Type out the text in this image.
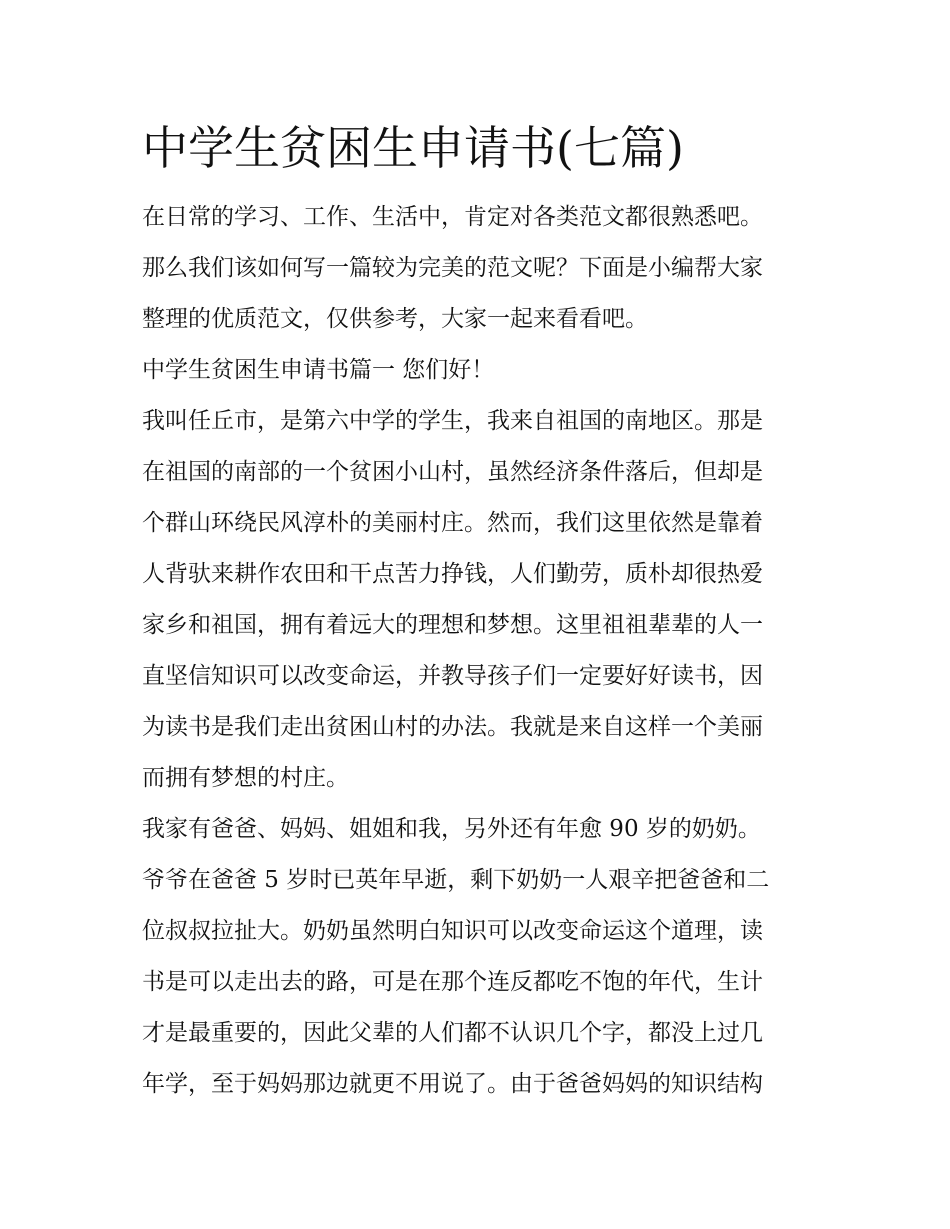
中学生贫困生申请书(七篇)
在日常的学习、工作、生活中，肯定对各类范文都很熟悉吧。
那么我们该如何写一篇较为完美的范文呢？下面是小编帮大家
整理的优质范文，仅供参考，大家一起来看看吧。
中学生贫困生申请书篇一 您们好！
我叫任丘市，是第六中学的学生，我来自祖国的南地区。那是
在祖国的南部的一个贫困小山村，虽然经济条件落后，但却是
个群山环绕民风淳朴的美丽村庄。然而，我们这里依然是靠着
人背驮来耕作农田和干点苦力挣钱，人们勤劳，质朴却很热爱
家乡和祖国，拥有着远大的理想和梦想。这里祖祖辈辈的人一
直坚信知识可以改变命运，并教导孩子们一定要好好读书，因
为读书是我们走出贫困山村的办法。我就是来自这样一个美丽
而拥有梦想的村庄。
我家有爸爸、妈妈、姐姐和我，另外还有年愈 90 岁的奶奶。
爷爷在爸爸 5 岁时已英年早逝，剩下奶奶一人艰辛把爸爸和二
位叔叔拉扯大。奶奶虽然明白知识可以改变命运这个道理，读
书是可以走出去的路，可是在那个连反都吃不饱的年代，生计
才是最重要的，因此父辈的人们都不认识几个字，都没上过几
年学，至于妈妈那边就更不用说了。由于爸爸妈妈的知识结构
